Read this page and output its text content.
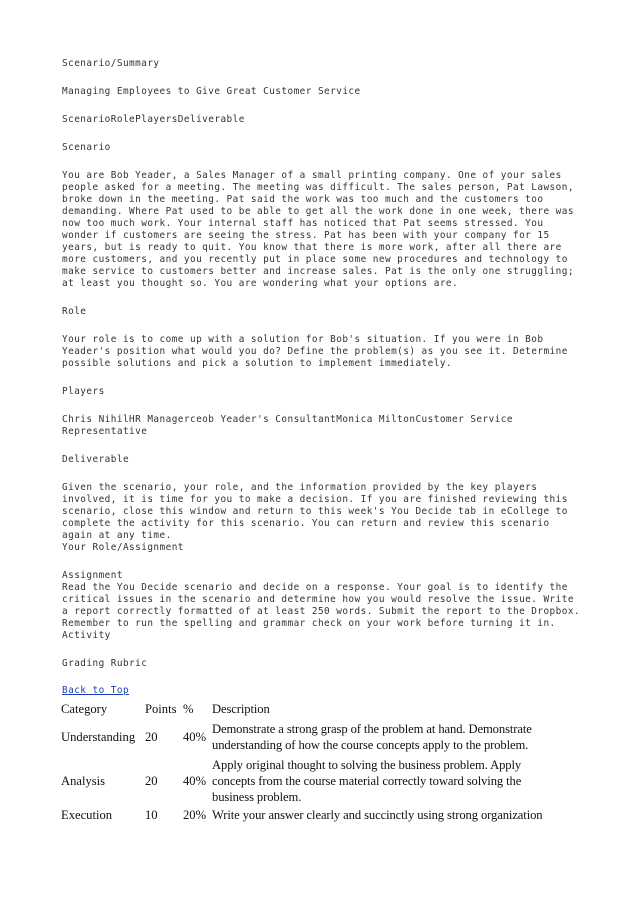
Scenario/Summary

Managing Employees to Give Great Customer Service

ScenarioRolePlayersDeliverable

Scenario

You are Bob Yeader, a Sales Manager of a small printing company. One of your sales people asked for a meeting. The meeting was difficult. The sales person, Pat Lawson, broke down in the meeting. Pat said the work was too much and the customers too demanding. Where Pat used to be able to get all the work done in one week, there was now too much work. Your internal staff has noticed that Pat seems stressed. You wonder if customers are seeing the stress. Pat has been with your company for 15 years, but is ready to quit. You know that there is more work, after all there are more customers, and you recently put in place some new procedures and technology to make service to customers better and increase sales. Pat is the only one struggling; at least you thought so. You are wondering what your options are.

Role

Your role is to come up with a solution for Bob's situation. If you were in Bob Yeader's position what would you do? Define the problem(s) as you see it. Determine possible solutions and pick a solution to implement immediately.

Players

Chris NihilHR Managerceob Yeader's ConsultantMonica MiltonCustomer Service Representative

Deliverable

Given the scenario, your role, and the information provided by the key players involved, it is time for you to make a decision. If you are finished reviewing this scenario, close this window and return to this week's You Decide tab in eCollege to complete the activity for this scenario. You can return and review this scenario again at any time.

Your Role/Assignment

Assignment

Read the You Decide scenario and decide on a response. Your goal is to identify the critical issues in the scenario and determine how you would resolve the issue. Write a report correctly formatted of at least 250 words. Submit the report to the Dropbox. Remember to run the spelling and grammar check on your work before turning it in.

Activity

Grading Rubric

Back to Top

Category	Points	%	Description
Understanding	20	40%	Demonstrate a strong grasp of the problem at hand. Demonstrate understanding of how the course concepts apply to the problem.
Analysis	20	40%	Apply original thought to solving the business problem. Apply concepts from the course material correctly toward solving the business problem.
Execution	10	20%	Write your answer clearly and succinctly using strong organization
